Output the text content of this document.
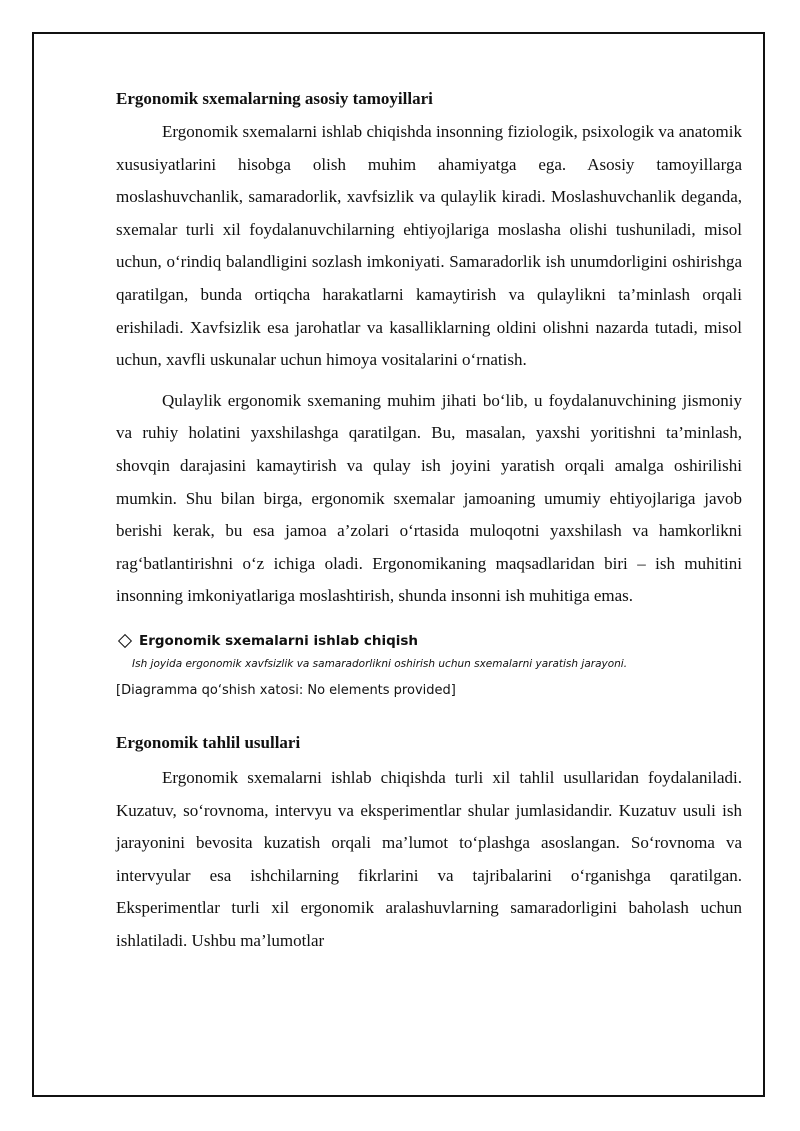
Ergonomik sxemalarning asosiy tamoyillari

Ergonomik sxemalarni ishlab chiqishda insonning fiziologik, psixologik va anatomik xususiyatlarini hisobga olish muhim ahamiyatga ega. Asosiy tamoyillarga moslashuvchanlik, samaradorlik, xavfsizlik va qulaylik kiradi. Moslashuvchanlik deganda, sxemalar turli xil foydalanuvchilarning ehtiyojlariga moslasha olishi tushuniladi, misol uchun, o‘rindiq balandligini sozlash imkoniyati. Samaradorlik ish unumdorligini oshirishga qaratilgan, bunda ortiqcha harakatlarni kamaytirish va qulaylikni ta’minlash orqali erishiladi. Xavfsizlik esa jarohatlar va kasalliklarning oldini olishni nazarda tutadi, misol uchun, xavfli uskunalar uchun himoya vositalarini o‘rnatish.

Qulaylik ergonomik sxemaning muhim jihati bo‘lib, u foydalanuvchining jismoniy va ruhiy holatini yaxshilashga qaratilgan. Bu, masalan, yaxshi yoritishni ta’minlash, shovqin darajasini kamaytirish va qulay ish joyini yaratish orqali amalga oshirilishi mumkin. Shu bilan birga, ergonomik sxemalar jamoaning umumiy ehtiyojlariga javob berishi kerak, bu esa jamoa a’zolari o‘rtasida muloqotni yaxshilash va hamkorlikni rag‘batlantirishni o‘z ichiga oladi. Ergonomikaning maqsadlaridan biri – ish muhitini insonning imkoniyatlariga moslashtirish, shunda insonni ish muhitiga emas.

Ergonomik sxemalarni ishlab chiqish
Ish joyida ergonomik xavfsizlik va samaradorlikni oshirish uchun sxemalarni yaratish jarayoni.
[Diagramma qo‘shish xatosi: No elements provided]
Ergonomik tahlil usullari

Ergonomik sxemalarni ishlab chiqishda turli xil tahlil usullaridan foydalaniladi. Kuzatuv, so‘rovnoma, intervyu va eksperimentlar shular jumlasidandir. Kuzatuv usuli ish jarayonini bevosita kuzatish orqali ma’lumot to‘plashga asoslangan. So‘rovnoma va intervyular esa ishchilarning fikrlarini va tajribalarini o‘rganishga qaratilgan. Eksperimentlar turli xil ergonomik aralashuvlarning samaradorligini baholash uchun ishlatiladi. Ushbu ma’lumotlar
